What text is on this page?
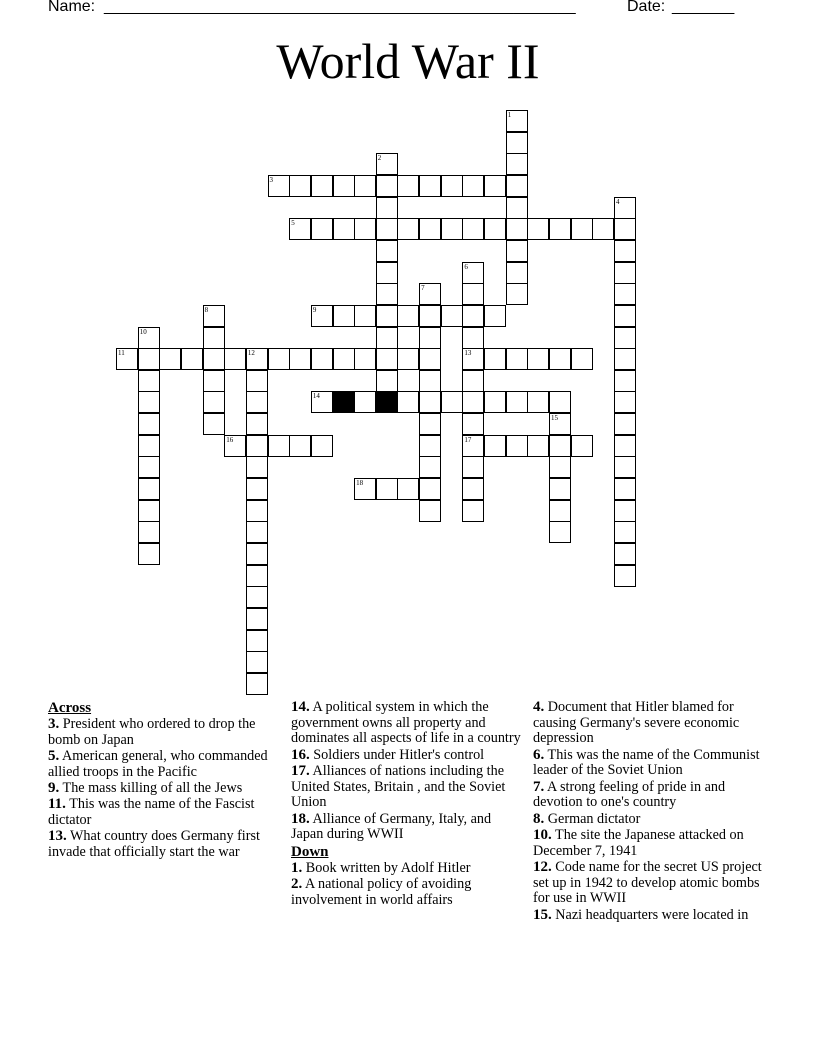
Name: _____________________________________________________	Date: _______
World War II
1
2
3
4
5
6
13
17
7
8	9
10
11	12
14
15
16
18
Across
3. President who ordered to drop the bomb on Japan
5. American general, who commanded allied troops in the Pacific
9. The mass killing of all the Jews
11. This was the name of the Fascist dictator
13. What country does Germany first invade that officially start the war
14. A political system in which the government owns all property and dominates all aspects of life in a country
16. Soldiers under Hitler's control
17. Alliances of nations including the United States, Britain , and the Soviet Union
18. Alliance of Germany, Italy, and Japan during WWII
Down
1. Book written by Adolf Hitler
2. A national policy of avoiding involvement in world affairs
4. Document that Hitler blamed for causing Germany's severe economic depression
6. This was the name of the Communist leader of the Soviet Union
7. A strong feeling of pride in and devotion to one's country
8. German dictator
10. The site the Japanese attacked on December 7, 1941
12. Code name for the secret US project set up in 1942 to develop atomic bombs for use in WWII
15. Nazi headquarters were located in
